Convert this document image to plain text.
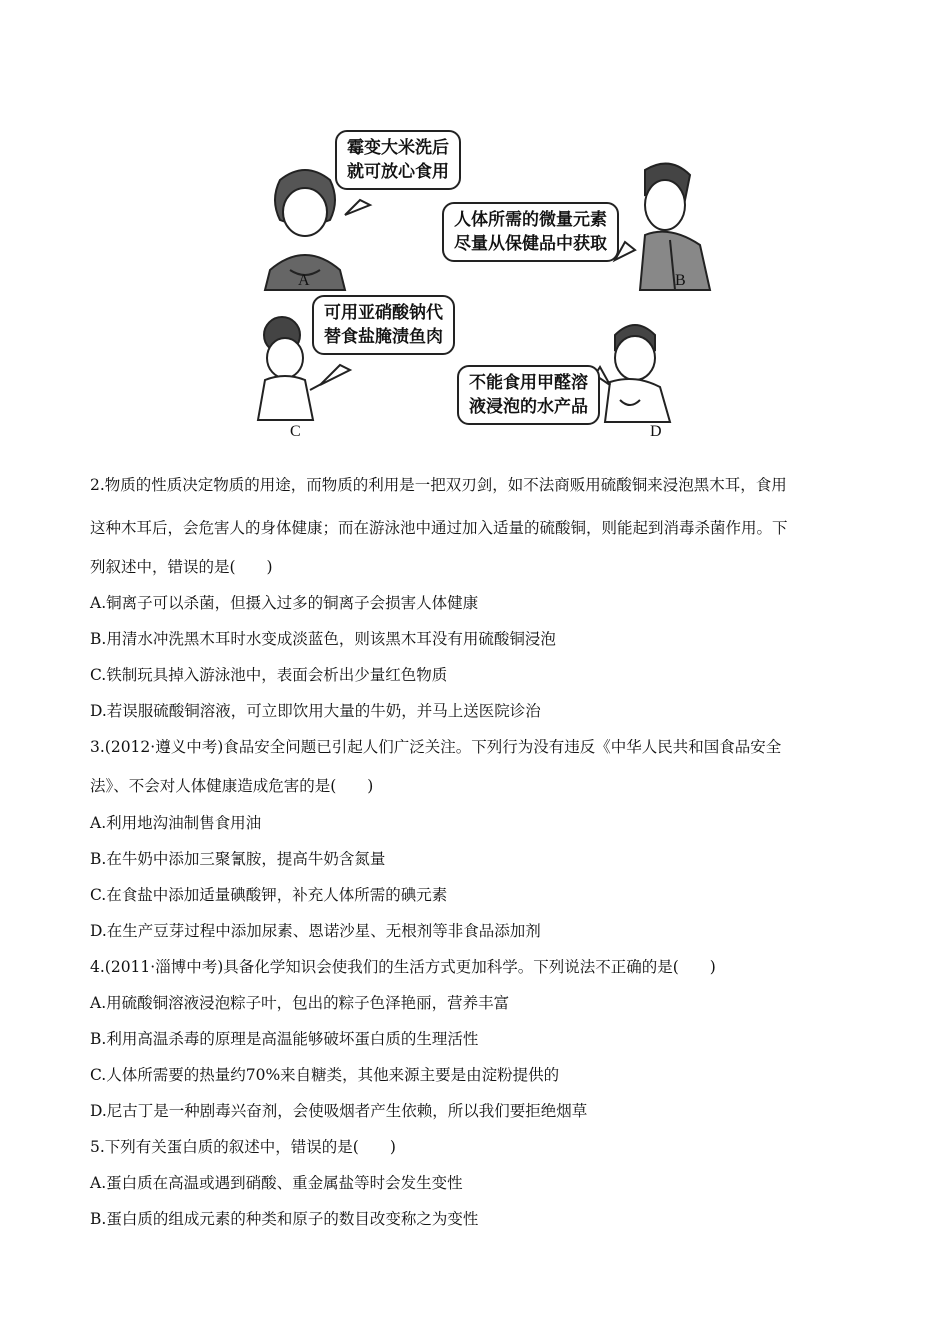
霉变大米洗后
就可放心食用
人体所需的微量元素
尽量从保健品中获取
可用亚硝酸钠代
替食盐腌渍鱼肉
不能食用甲醛溶
液浸泡的水产品
A	B
C	D
2.物质的性质决定物质的用途，而物质的利用是一把双刃剑，如不法商贩用硫酸铜来浸泡黑木耳，食用
这种木耳后，会危害人的身体健康；而在游泳池中通过加入适量的硫酸铜，则能起到消毒杀菌作用。下
列叙述中，错误的是(　　)
A.铜离子可以杀菌，但摄入过多的铜离子会损害人体健康
B.用清水冲洗黑木耳时水变成淡蓝色，则该黑木耳没有用硫酸铜浸泡
C.铁制玩具掉入游泳池中，表面会析出少量红色物质
D.若误服硫酸铜溶液，可立即饮用大量的牛奶，并马上送医院诊治
3.(2012·遵义中考)食品安全问题已引起人们广泛关注。下列行为没有违反《中华人民共和国食品安全
法》、不会对人体健康造成危害的是(　　)
A.利用地沟油制售食用油
B.在牛奶中添加三聚氰胺，提高牛奶含氮量
C.在食盐中添加适量碘酸钾，补充人体所需的碘元素
D.在生产豆芽过程中添加尿素、恩诺沙星、无根剂等非食品添加剂
4.(2011·淄博中考)具备化学知识会使我们的生活方式更加科学。下列说法不正确的是(　　)
A.用硫酸铜溶液浸泡粽子叶，包出的粽子色泽艳丽，营养丰富
B.利用高温杀毒的原理是高温能够破坏蛋白质的生理活性
C.人体所需要的热量约70%来自糖类，其他来源主要是由淀粉提供的
D.尼古丁是一种剧毒兴奋剂，会使吸烟者产生依赖，所以我们要拒绝烟草
5.下列有关蛋白质的叙述中，错误的是(　　)
A.蛋白质在高温或遇到硝酸、重金属盐等时会发生变性
B.蛋白质的组成元素的种类和原子的数目改变称之为变性
